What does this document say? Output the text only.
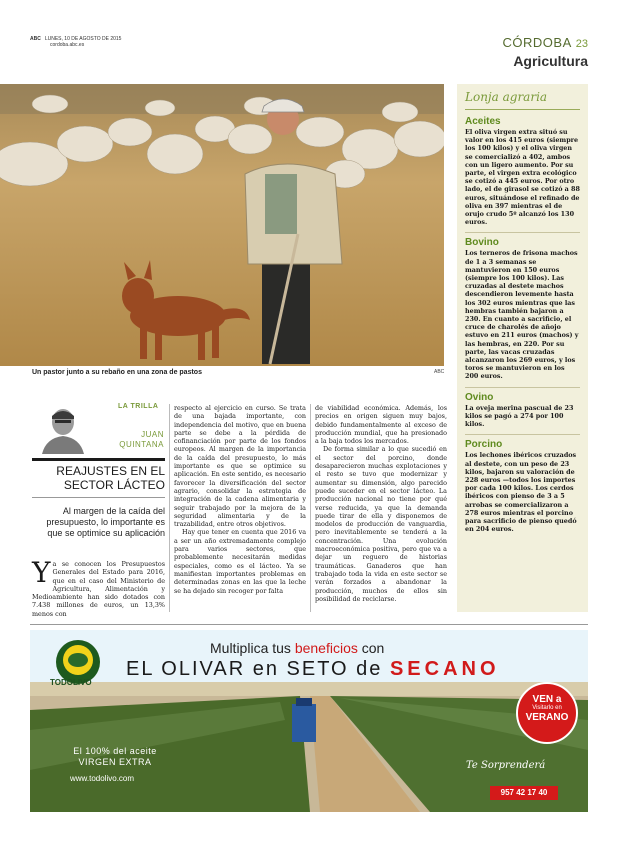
ABC LUNES, 10 DE AGOSTO DE 2015
cordoba.abc.es	CÓRDOBA 23
Agricultura
Un pastor junto a su rebaño en una zona de pastos	ABC
Lonja agraria
Aceites
El oliva virgen extra situó su valor en los 415 euros (siempre los 100 kilos) y el oliva virgen se comercializó a 402, ambos con un ligero aumento. Por su parte, el virgen extra ecológico se cotizó a 445 euros. Por otro lado, el de girasol se cotizó a 88 euros, situándose el refinado de oliva en 397 mientras el de orujo crudo 5º alcanzó los 130 euros.
Bovino
Los terneros de frisona machos de 1 a 3 semanas se mantuvieron en 150 euros (siempre los 100 kilos). Las cruzadas al destete machos descendieron levemente hasta los 302 euros mientras que las hembras también bajaron a 230. En cuanto a sacrificio, el cruce de charolés de añojo estuvo en 211 euros (machos) y las hembras, en 220. Por su parte, las vacas cruzadas alcanzaron los 269 euros, y los toros se mantuvieron en los 200 euros.
Ovino
La oveja merina pascual de 23 kilos se pagó a 274 por 100 kilos.
Porcino
Los lechones ibéricos cruzados al destete, con un peso de 23 kilos, bajaron su valoración de 228 euros —todos los importes por cada 100 kilos. Los cerdos ibéricos con pienso de 3 a 5 arrobas se comercializaron a 278 euros mientras el porcino para sacrificio de pienso quedó en 204 euros.
LA TRILLA
JUAN
QUINTANA
REAJUSTES EN EL SECTOR LÁCTEO
Al margen de la caída del presupuesto, lo importante es que se optimice su aplicación
Ya se conocen los Presupuestos Generales del Estado para 2016, que en el caso del Ministerio de Agricultura, Alimentación y Medioambiente han sido dotados con 7.438 millones de euros, un 13,3% menos con

respecto al ejercicio en curso. Se trata de una bajada importante, con independencia del motivo, que en buena parte se debe a la pérdida de cofinanciación por parte de los fondos europeos. Al margen de la importancia de la caída del presupuesto, lo más importante es que se optimice su aplicación. En este sentido, es necesario favorecer la diversificación del sector agrario, consolidar la estrategia de integración de la cadena alimentaria y seguir trabajado por la mejora de la seguridad alimentaria y de la trazabilidad, entre otros objetivos.

Hay que tener en cuenta que 2016 va a ser un año extremadamente complejo para varios sectores, que probablemente necesitarán medidas especiales, como es el lácteo. Ya se manifiestan importantes problemas en determinadas zonas en las que la leche se ha dejado sin recoger por falta

de viabilidad económica. Además, los precios en origen siguen muy bajos, debido fundamentalmente al exceso de producción mundial, que ha presionado a la baja todos los mercados.

De forma similar a lo que sucedió en el sector del porcino, donde desaparecieron muchas explotaciones y el resto se tuvo que modernizar y aumentar su dimensión, algo parecido puede suceder en el sector lácteo. La producción nacional no tiene por qué verse reducida, ya que la demanda puede tirar de ella y disponemos de modelos de producción de vanguardia, pero inevitablemente se tenderá a la concentración. Una evolución macroeconómica positiva, pero que va a dejar un reguero de historias traumáticas. Ganaderos que han trabajado toda la vida en este sector se verán forzados a abandonar la producción, muchos de ellos sin posibilidad de reciclarse.

Multiplica tus beneficios con
EL OLIVAR en SETO de SECANO
TODOLIVO
El 100% del aceite
VIRGEN EXTRA
www.todolivo.com
VEN a
Visitarlo en
VERANO
Te Sorprenderá
957 42 17 40
